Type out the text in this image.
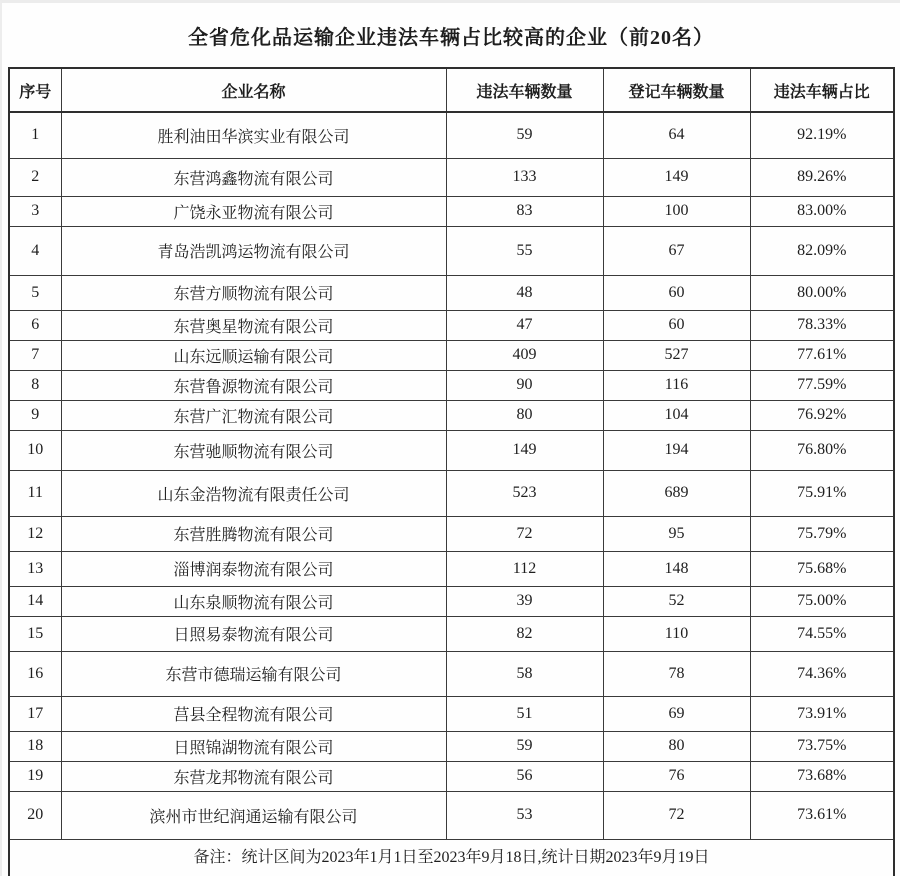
全省危化品运输企业违法车辆占比较高的企业（前20名）
序号	企业名称	违法车辆数量	登记车辆数量	违法车辆占比
1	胜利油田华滨实业有限公司	59	64	92.19%
2	东营鸿鑫物流有限公司	133	149	89.26%
3	广饶永亚物流有限公司	83	100	83.00%
4	青岛浩凯鸿运物流有限公司	55	67	82.09%
5	东营方顺物流有限公司	48	60	80.00%
6	东营奥星物流有限公司	47	60	78.33%
7	山东远顺运输有限公司	409	527	77.61%
8	东营鲁源物流有限公司	90	116	77.59%
9	东营广汇物流有限公司	80	104	76.92%
10	东营驰顺物流有限公司	149	194	76.80%
11	山东金浩物流有限责任公司	523	689	75.91%
12	东营胜腾物流有限公司	72	95	75.79%
13	淄博润泰物流有限公司	112	148	75.68%
14	山东泉顺物流有限公司	39	52	75.00%
15	日照易泰物流有限公司	82	110	74.55%
16	东营市德瑞运输有限公司	58	78	74.36%
17	莒县全程物流有限公司	51	69	73.91%
18	日照锦湖物流有限公司	59	80	73.75%
19	东营龙邦物流有限公司	56	76	73.68%
20	滨州市世纪润通运输有限公司	53	72	73.61%
备注：统计区间为2023年1月1日至2023年9月18日,统计日期2023年9月19日				
